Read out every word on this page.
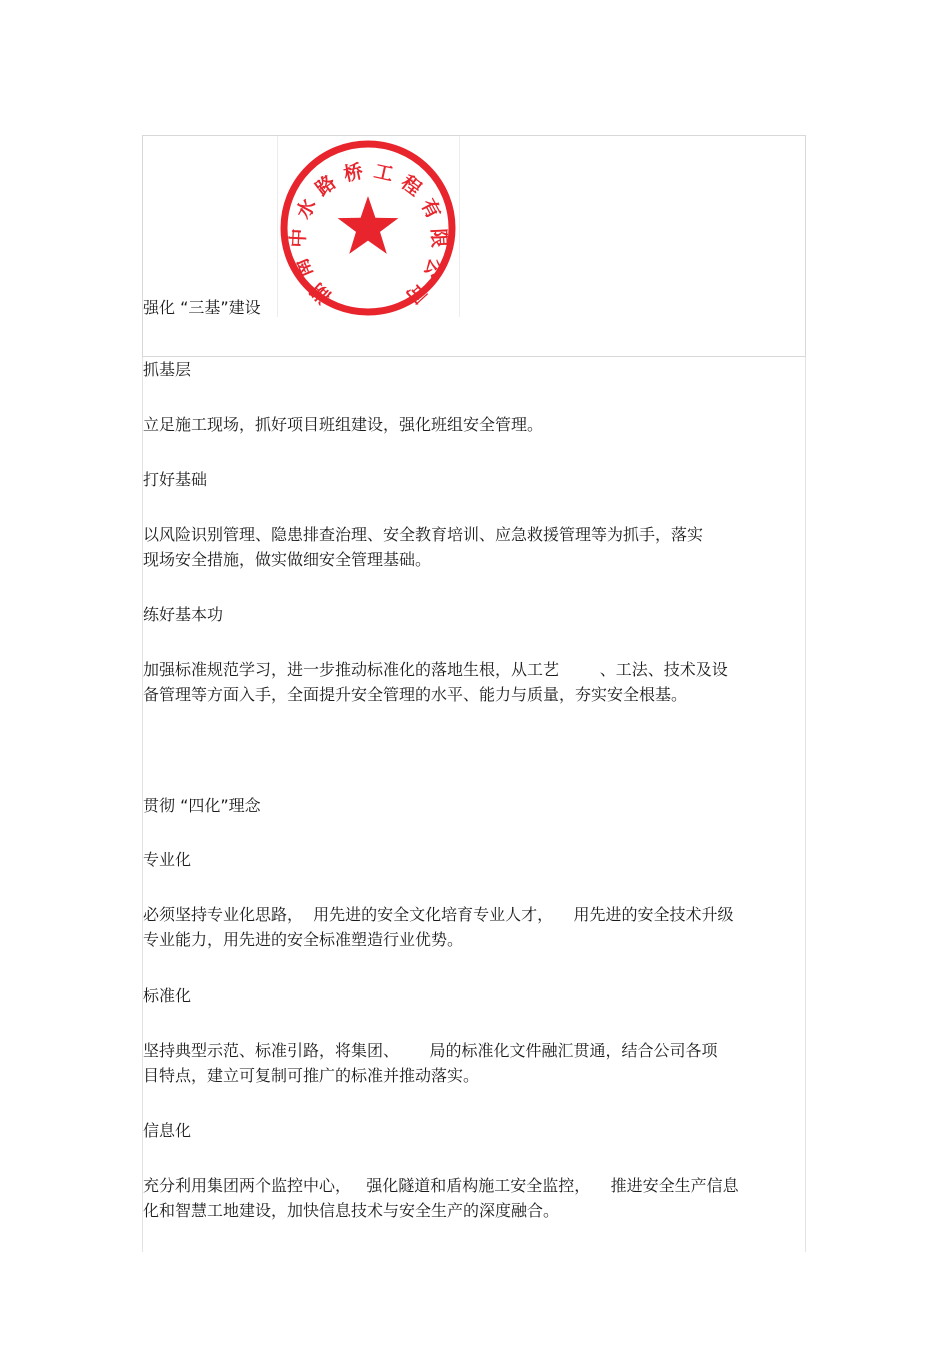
湖南中水路桥工程有限公司
强化 “三基”建设
抓基层
立足施工现场，抓好项目班组建设，强化班组安全管理。
打好基础
以风险识别管理、隐患排查治理、安全教育培训、应急救援管理等为抓手，落实
现场安全措施，做实做细安全管理基础。
练好基本功
加强标准规范学习，进一步推动标准化的落地生根，从工艺        、工法、技术及设
备管理等方面入手，全面提升安全管理的水平、能力与质量，夯实安全根基。
贯彻 “四化”理念
专业化
必须坚持专业化思路，  用先进的安全文化培育专业人才，    用先进的安全技术升级
专业能力，用先进的安全标准塑造行业优势。
标准化
坚持典型示范、标准引路，将集团、      局的标准化文件融汇贯通，结合公司各项
目特点，建立可复制可推广的标准并推动落实。
信息化
充分利用集团两个监控中心，   强化隧道和盾构施工安全监控，    推进安全生产信息
化和智慧工地建设，加快信息技术与安全生产的深度融合。
